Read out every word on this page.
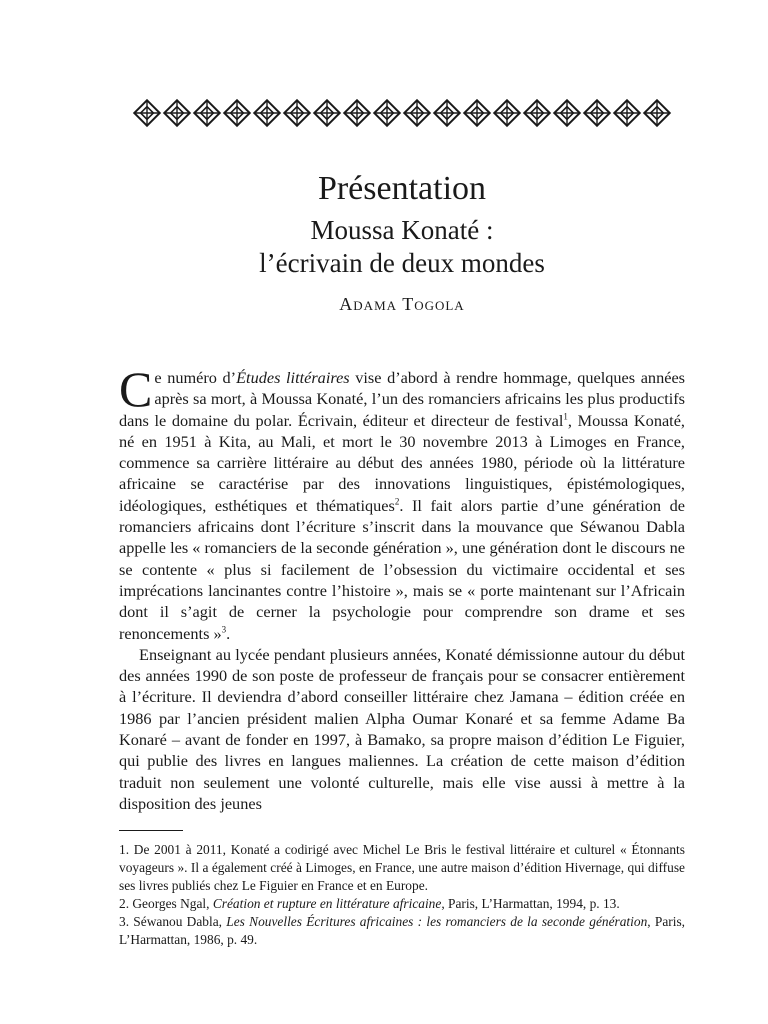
Présentation
Moussa Konaté :
l’écrivain de deux mondes
Adama Togola

Ce numéro d’Études littéraires vise d’abord à rendre hommage, quelques années après sa mort, à Moussa Konaté, l’un des romanciers africains les plus productifs dans le domaine du polar. Écrivain, éditeur et directeur de festival$^1$, Moussa Konaté, né en 1951 à Kita, au Mali, et mort le 30 novembre 2013 à Limoges en France, commence sa carrière littéraire au début des années 1980, période où la littérature africaine se caractérise par des innovations linguistiques, épistémologiques, idéologiques, esthétiques et thématiques$^2$. Il fait alors partie d’une génération de romanciers africains dont l’écriture s’inscrit dans la mouvance que Séwanou Dabla appelle les « romanciers de la seconde génération », une génération dont le discours ne se contente « plus si facilement de l’obsession du victimaire occidental et ses imprécations lancinantes contre l’histoire », mais se « porte maintenant sur l’Africain dont il s’agit de cerner la psychologie pour comprendre son drame et ses renoncements »$^3$.

Enseignant au lycée pendant plusieurs années, Konaté démissionne autour du début des années 1990 de son poste de professeur de français pour se consacrer entièrement à l’écriture. Il deviendra d’abord conseiller littéraire chez Jamana – édition créée en 1986 par l’ancien président malien Alpha Oumar Konaré et sa femme Adame Ba Konaré – avant de fonder en 1997, à Bamako, sa propre maison d’édition Le Figuier, qui publie des livres en langues maliennes. La création de cette maison d’édition traduit non seulement une volonté culturelle, mais elle vise aussi à mettre à la disposition des jeunes

1. De 2001 à 2011, Konaté a codirigé avec Michel Le Bris le festival littéraire et culturel « Étonnants voyageurs ». Il a également créé à Limoges, en France, une autre maison d’édition Hivernage, qui diffuse ses livres publiés chez Le Figuier en France et en Europe.

2. Georges Ngal, Création et rupture en littérature africaine, Paris, L’Harmattan, 1994, p. 13.

3. Séwanou Dabla, Les Nouvelles Écritures africaines : les romanciers de la seconde génération, Paris, L’Harmattan, 1986, p. 49.
